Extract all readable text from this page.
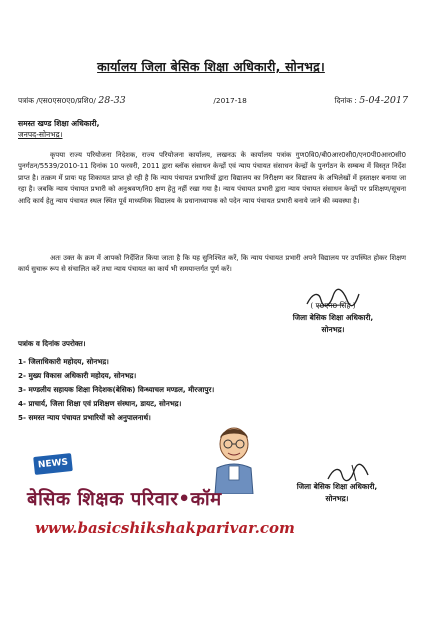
कार्यालय जिला बेसिक शिक्षा अधिकारी, सोनभद्र।
पत्रांक /एस0एस0ए0/प्रशि0/ 28-33	/2017-18	दिनांक : 5-04-2017
समस्त खण्ड शिक्षा अधिकारी,
जनपद-सोनभद्र।
कृपया राज्य परियोजना निदेशक, राज्य परियोजना कार्यालय, लखनऊ के कार्यालय पत्रांक गुण0वि0/बी0आर0सी0/एन0पी0आर0सी0 पुनर्गठन/5539/2010-11 दिनांक 10 फरवरी, 2011 द्वारा ब्लॉक संसाधन केन्द्रों एवं न्याय पंचायत संसाधन केन्द्रों के पुनर्गठन के सम्बन्ध में विस्तृत निर्देश प्राप्त है। तत्क्रम में प्रायः यह शिकायत प्राप्त हो रही है कि न्याय पंचायत प्रभारियों द्वारा विद्यालय का निरीक्षण कर विद्यालय के अभिलेखों में हस्ताक्षर बनाया जा रहा है। जबकि न्याय पंचायत प्रभारी को अनुश्रवण/नि0 क्षण हेतु नहीं रखा गया है। न्याय पंचायत प्रभारी द्वारा न्याय पंचायत संसाधन केन्द्रों पर प्रशिक्षण/सूचना आदि कार्य हेतु न्याय पंचायत स्थल स्थित पूर्व माध्यमिक विद्यालय के प्रधानाध्यापक को पदेन न्याय पंचायत प्रभारी बनाये जाने की व्यवस्था है।
अतः उक्त के क्रम में आपको निर्देशित किया जाता है कि यह सुनिश्चित करें, कि न्याय पंचायत प्रभारी अपने विद्यालय पर उपस्थित होकर शिक्षण कार्य सुचारू रूप से संचालित करें तथा न्याय पंचायत का कार्य भी समयान्तर्गत पूर्ण करें।
( ए0एन0 सिंह )
जिला बेसिक शिक्षा अधिकारी,
सोनभद्र।
पत्रांक व दिनांक उपरोक्त।
1- जिलाधिकारी महोदय, सोनभद्र।
2- मुख्य विकास अधिकारी महोदय, सोनभद्र।
3- मण्डलीय सहायक शिक्षा निदेशक(बेसिक) विन्ध्याचल मण्डल, मीरजापुर।
4- प्राचार्य, जिला शिक्षा एवं प्रशिक्षण संस्थान, डायट, सोनभद्र।
5- समस्त न्याय पंचायत प्रभारियों को अनुपालनार्थ।
जिला बेसिक शिक्षा अधिकारी,
सोनभद्र।
NEWS
बेसिक शिक्षक परिवार•कॉम
www.basicshikshakparivar.com
